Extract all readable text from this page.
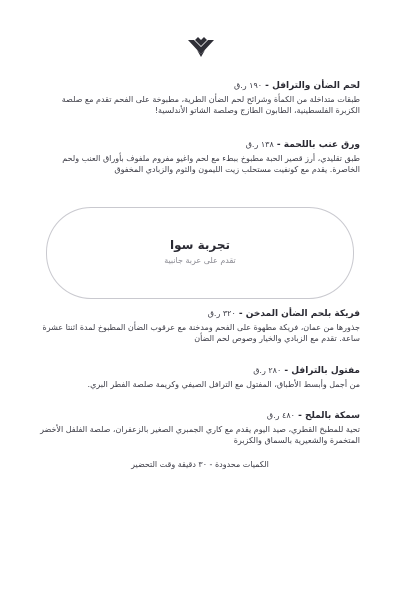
لحم الضأن والترافل - ١٩٠ ر.ق
طبقات متداخلة من الكمأة وشرائح لحم الضأن الطرية، مطبوخة على الفحم تقدم مع صلصة الكزبرة الفلسطينية، الطابون الطازج وصلصة الشاتو الأندلسية!
ورق عنب باللحمة - ١٣٨ ر.ق
طبق تقليدي، أرز قصير الحبة مطبوخ ببطء مع لحم واغيو مفروم ملفوف بأوراق العنب ولحم الخاصرة. يقدم مع كونفيت مستحلب زيت الليمون والثوم والزبادي المخفوق
تجربة سوا
تقدم على عربة جانبية
فريكة بلحم الضأن المدخن - ٣٢٠ ر.ق
جذورها من عمان، فريكة مطهوة على الفحم ومدخنة مع عرقوب الضأن المطبوخ لمدة اثنتا عشرة ساعة. تقدم مع الزبادي والخيار وصوص لحم الضأن
مفتول بالترافل - ٢٨٠ ر.ق
من أجمل وأبسط الأطباق، المفتول مع الترافل الصيفي وكريمة صلصة الفطر البري.
سمكة بالملح - ٤٨٠ ر.ق
تحية للمطبخ القطري، صيد اليوم يقدم مع كاري الجمبري الصغير بالزعفران، صلصة الفلفل الأخضر المتخمرة والشعيرية بالسماق والكزبرة
الكميات محدودة - ٣٠ دقيقة وقت التحضير
